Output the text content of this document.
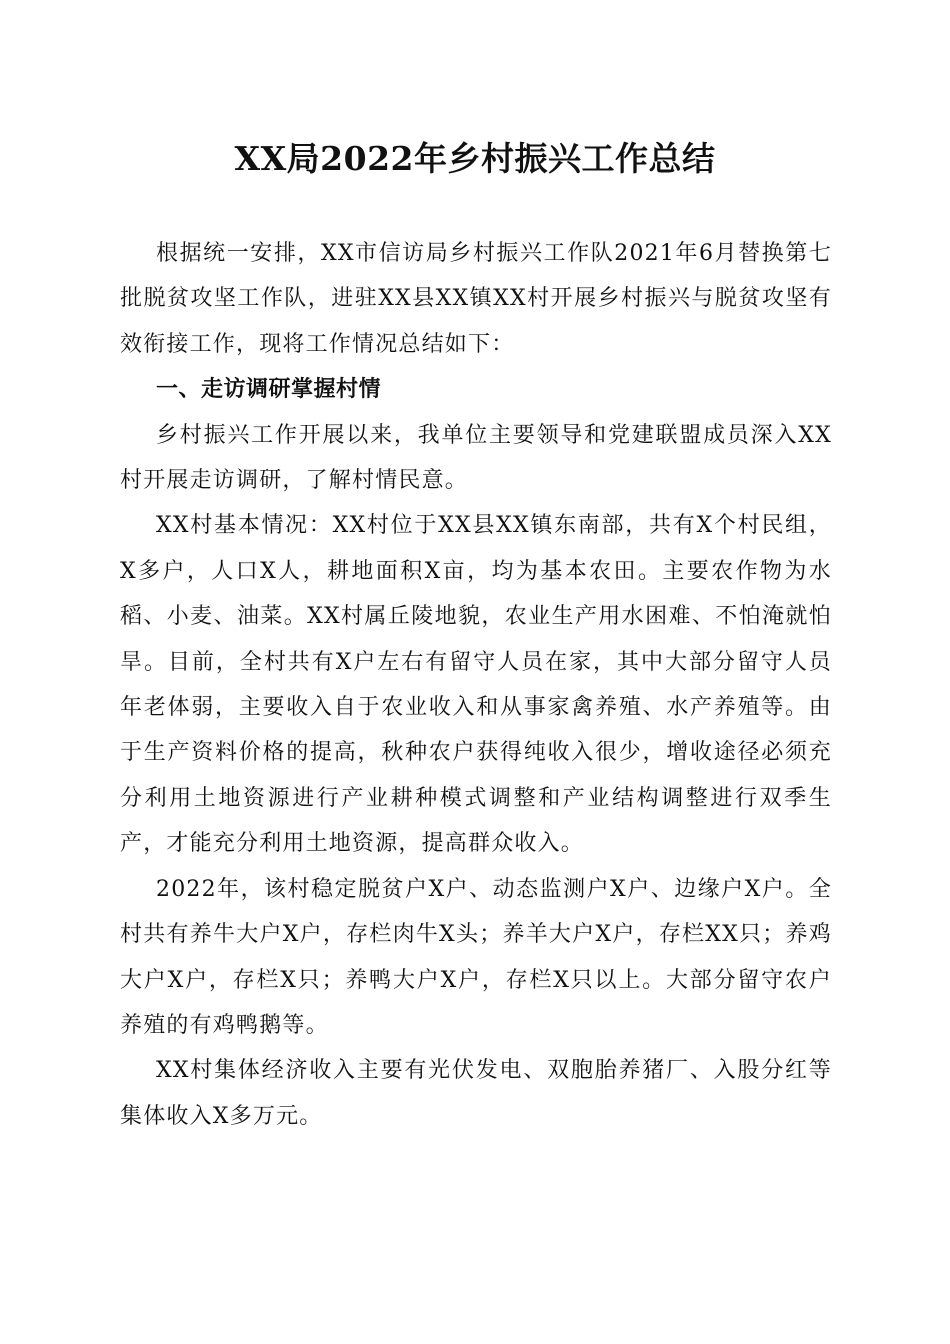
XX局2022年乡村振兴工作总结

根据统一安排，XX市信访局乡村振兴工作队2021年6月替换第七批脱贫攻坚工作队，进驻XX县XX镇XX村开展乡村振兴与脱贫攻坚有效衔接工作，现将工作情况总结如下：

一、走访调研掌握村情

乡村振兴工作开展以来，我单位主要领导和党建联盟成员深入XX村开展走访调研，了解村情民意。

XX村基本情况：XX村位于XX县XX镇东南部，共有X个村民组，X多户，人口X人，耕地面积X亩，均为基本农田。主要农作物为水稻、小麦、油菜。XX村属丘陵地貌，农业生产用水困难、不怕淹就怕旱。目前，全村共有X户左右有留守人员在家，其中大部分留守人员年老体弱，主要收入自于农业收入和从事家禽养殖、水产养殖等。由于生产资料价格的提高，秋种农户获得纯收入很少，增收途径必须充分利用土地资源进行产业耕种模式调整和产业结构调整进行双季生产，才能充分利用土地资源，提高群众收入。

2022年，该村稳定脱贫户X户、动态监测户X户、边缘户X户。全村共有养牛大户X户，存栏肉牛X头；养羊大户X户，存栏XX只；养鸡大户X户，存栏X只；养鸭大户X户，存栏X只以上。大部分留守农户养殖的有鸡鸭鹅等。

XX村集体经济收入主要有光伏发电、双胞胎养猪厂、入股分红等集体收入X多万元。
